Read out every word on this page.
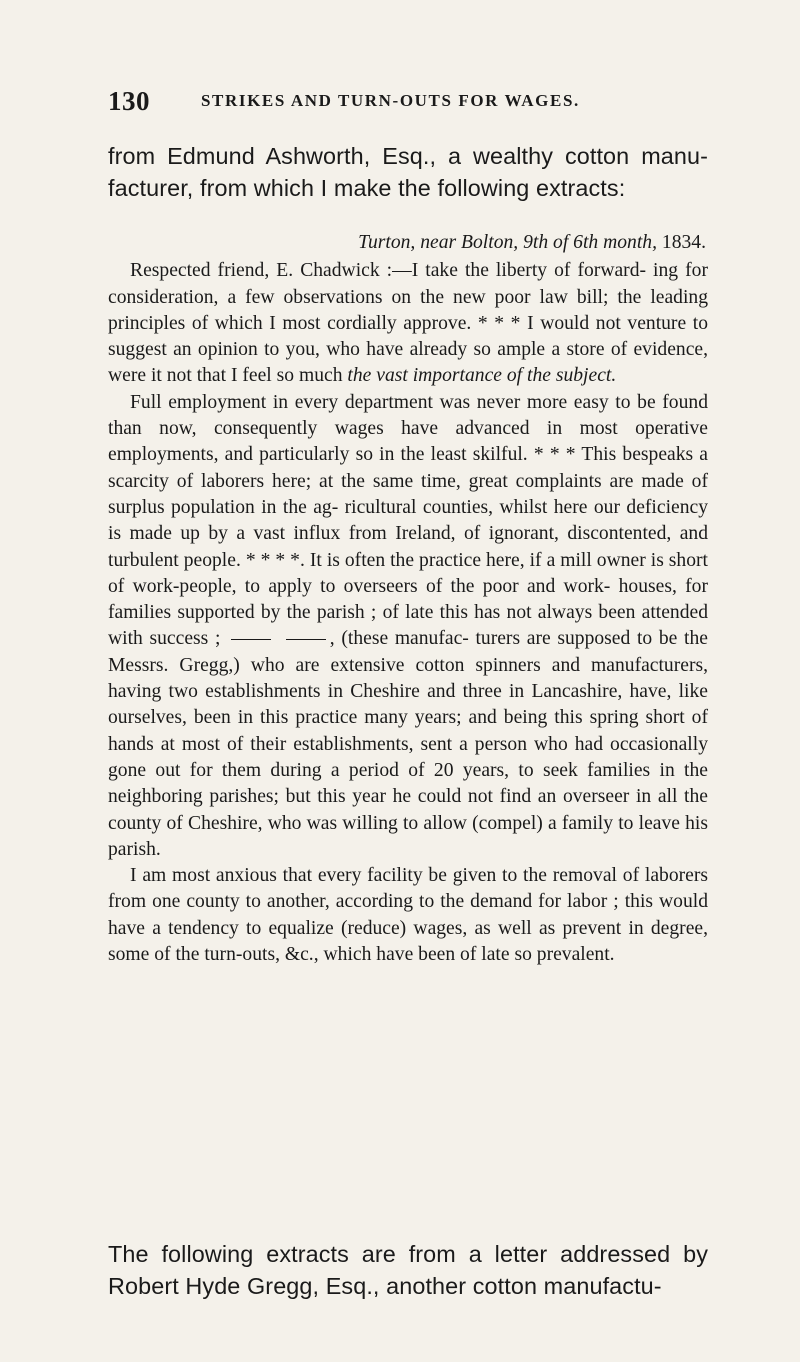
130	STRIKES AND TURN-OUTS FOR WAGES.

from Edmund Ashworth, Esq., a wealthy cotton manu- facturer, from which I make the following extracts:

Turton, near Bolton, 9th of 6th month, 1834.

Respected friend, E. Chadwick :—I take the liberty of forward- ing for consideration, a few observations on the new poor law bill; the leading principles of which I most cordially approve. * * * I would not venture to suggest an opinion to you, who have already so ample a store of evidence, were it not that I feel so much the vast importance of the subject.

Full employment in every department was never more easy to be found than now, consequently wages have advanced in most operative employments, and particularly so in the least skilful. * * * This bespeaks a scarcity of laborers here; at the same time, great complaints are made of surplus population in the ag- ricultural counties, whilst here our deficiency is made up by a vast influx from Ireland, of ignorant, discontented, and turbulent people. * * * *. It is often the practice here, if a mill owner is short of work-people, to apply to overseers of the poor and work- houses, for families supported by the parish ; of late this has not always been attended with success ;	, (these manufac- turers are supposed to be the Messrs. Gregg,) who are extensive cotton spinners and manufacturers, having two establishments in Cheshire and three in Lancashire, have, like ourselves, been in this practice many years; and being this spring short of hands at most of their establishments, sent a person who had occasionally gone out for them during a period of 20 years, to seek families in the neighboring parishes; but this year he could not find an overseer in all the county of Cheshire, who was willing to allow (compel) a family to leave his parish.

I am most anxious that every facility be given to the removal of laborers from one county to another, according to the demand for labor ; this would have a tendency to equalize (reduce) wages, as well as prevent in degree, some of the turn-outs, &c., which have been of late so prevalent.

The following extracts are from a letter addressed by Robert Hyde Gregg, Esq., another cotton manufactu-
